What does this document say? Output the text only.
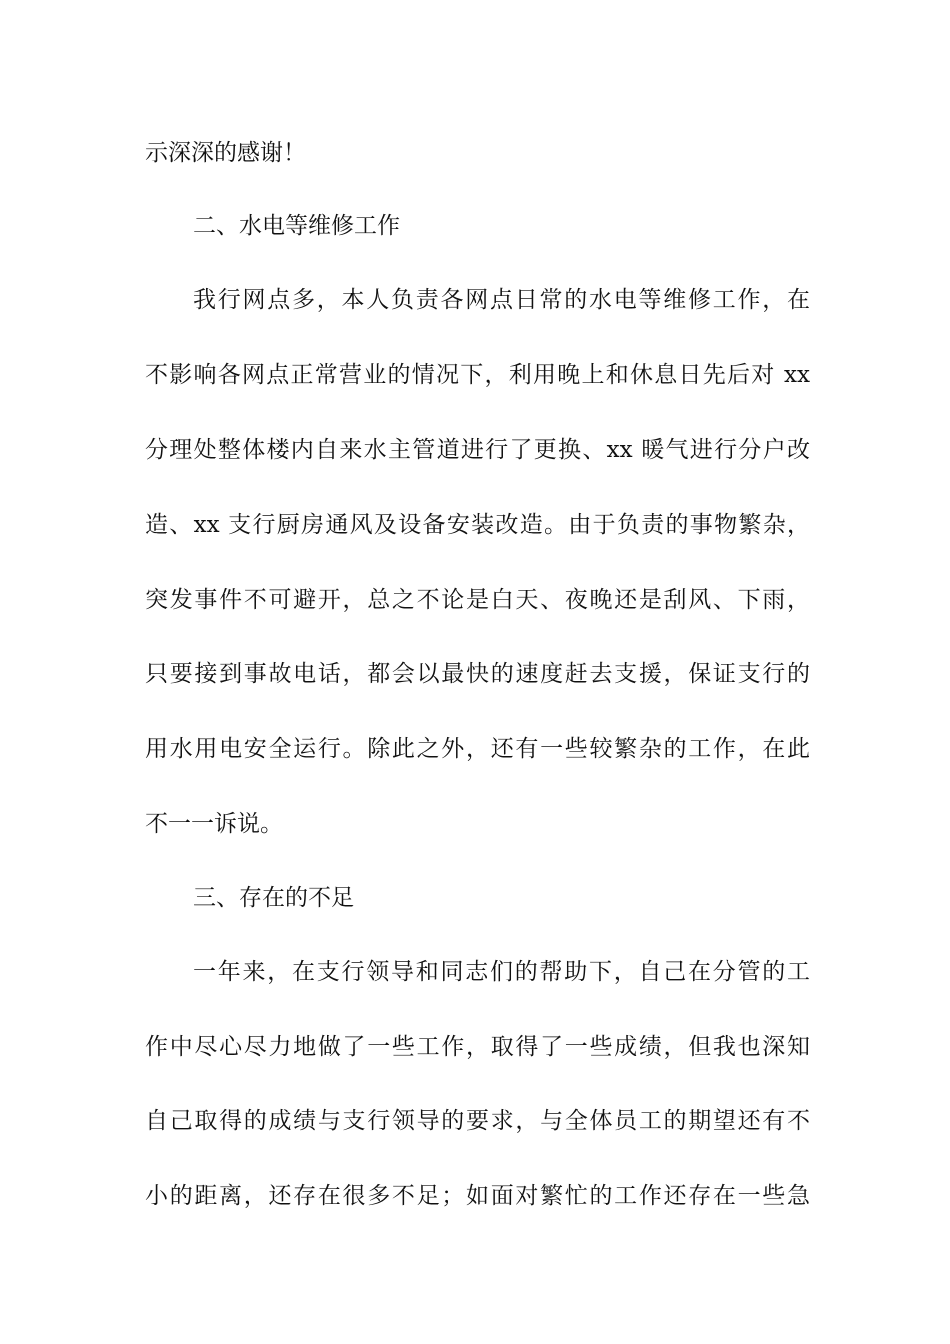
示深深的感谢！
二、水电等维修工作
我行网点多，本人负责各网点日常的水电等维修工作，在
不影响各网点正常营业的情况下，利用晚上和休息日先后对 xx
分理处整体楼内自来水主管道进行了更换、xx 暖气进行分户改
造、xx 支行厨房通风及设备安装改造。由于负责的事物繁杂，
突发事件不可避开，总之不论是白天、夜晚还是刮风、下雨，
只要接到事故电话，都会以最快的速度赶去支援，保证支行的
用水用电安全运行。除此之外，还有一些较繁杂的工作，在此
不一一诉说。
三、存在的不足
一年来，在支行领导和同志们的帮助下，自己在分管的工
作中尽心尽力地做了一些工作，取得了一些成绩，但我也深知
自己取得的成绩与支行领导的要求，与全体员工的期望还有不
小的距离，还存在很多不足；如面对繁忙的工作还存在一些急
